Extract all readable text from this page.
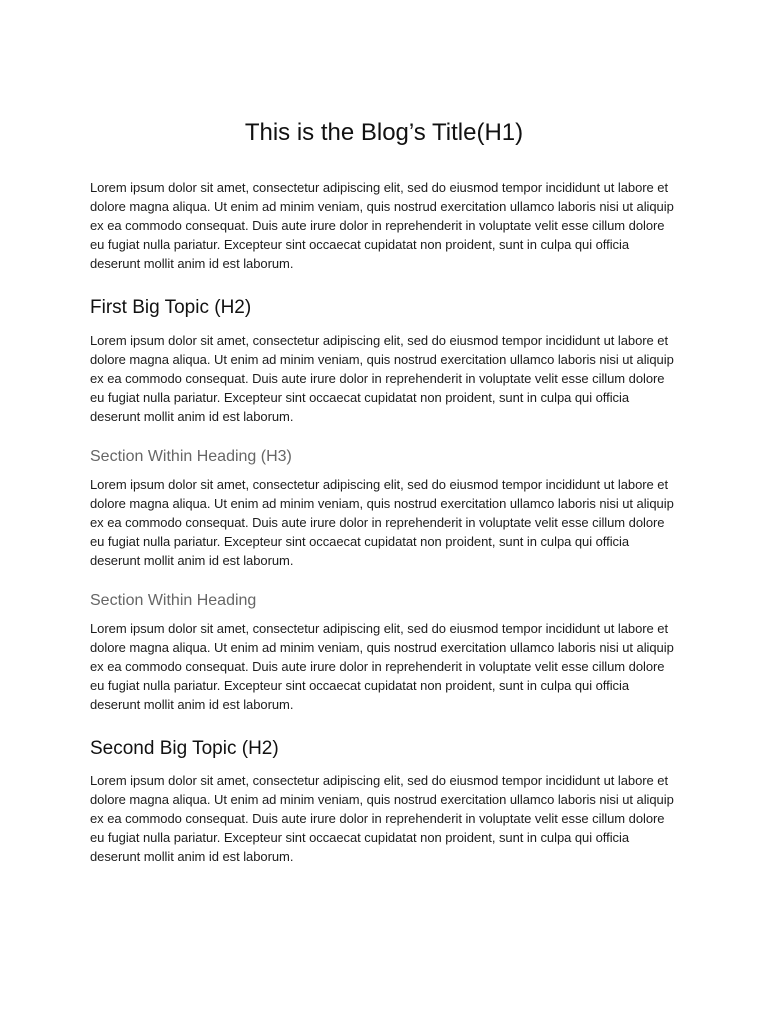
This is the Blog’s Title(H1)

Lorem ipsum dolor sit amet, consectetur adipiscing elit, sed do eiusmod tempor incididunt ut labore et dolore magna aliqua. Ut enim ad minim veniam, quis nostrud exercitation ullamco laboris nisi ut aliquip ex ea commodo consequat. Duis aute irure dolor in reprehenderit in voluptate velit esse cillum dolore eu fugiat nulla pariatur. Excepteur sint occaecat cupidatat non proident, sunt in culpa qui officia deserunt mollit anim id est laborum.

First Big Topic (H2)

Lorem ipsum dolor sit amet, consectetur adipiscing elit, sed do eiusmod tempor incididunt ut labore et dolore magna aliqua. Ut enim ad minim veniam, quis nostrud exercitation ullamco laboris nisi ut aliquip ex ea commodo consequat. Duis aute irure dolor in reprehenderit in voluptate velit esse cillum dolore eu fugiat nulla pariatur. Excepteur sint occaecat cupidatat non proident, sunt in culpa qui officia deserunt mollit anim id est laborum.

Section Within Heading (H3)

Lorem ipsum dolor sit amet, consectetur adipiscing elit, sed do eiusmod tempor incididunt ut labore et dolore magna aliqua. Ut enim ad minim veniam, quis nostrud exercitation ullamco laboris nisi ut aliquip ex ea commodo consequat. Duis aute irure dolor in reprehenderit in voluptate velit esse cillum dolore eu fugiat nulla pariatur. Excepteur sint occaecat cupidatat non proident, sunt in culpa qui officia deserunt mollit anim id est laborum.

Section Within Heading

Lorem ipsum dolor sit amet, consectetur adipiscing elit, sed do eiusmod tempor incididunt ut labore et dolore magna aliqua. Ut enim ad minim veniam, quis nostrud exercitation ullamco laboris nisi ut aliquip ex ea commodo consequat. Duis aute irure dolor in reprehenderit in voluptate velit esse cillum dolore eu fugiat nulla pariatur. Excepteur sint occaecat cupidatat non proident, sunt in culpa qui officia deserunt mollit anim id est laborum.

Second Big Topic (H2)

Lorem ipsum dolor sit amet, consectetur adipiscing elit, sed do eiusmod tempor incididunt ut labore et dolore magna aliqua. Ut enim ad minim veniam, quis nostrud exercitation ullamco laboris nisi ut aliquip ex ea commodo consequat. Duis aute irure dolor in reprehenderit in voluptate velit esse cillum dolore eu fugiat nulla pariatur. Excepteur sint occaecat cupidatat non proident, sunt in culpa qui officia deserunt mollit anim id est laborum.
